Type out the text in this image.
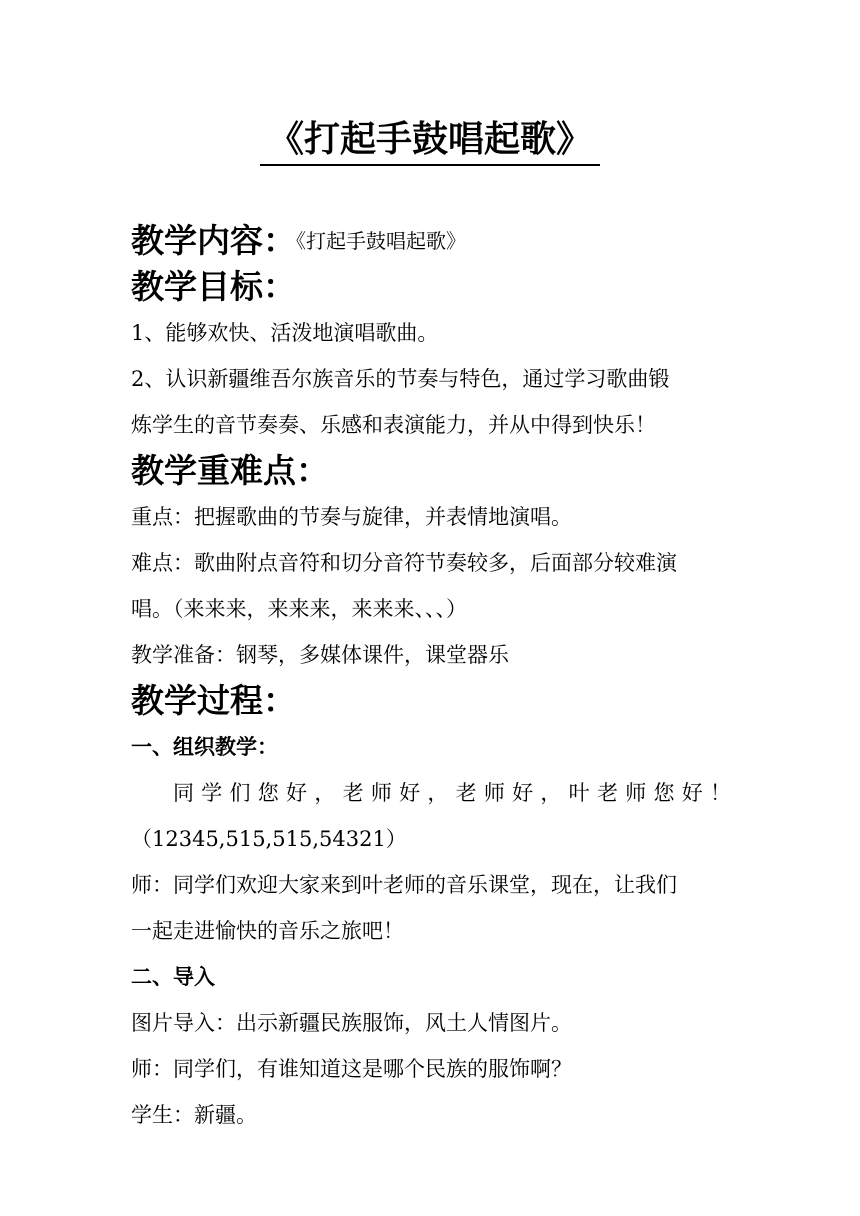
《打起手鼓唱起歌》
教学内容：《打起手鼓唱起歌》
教学目标：
1、能够欢快、活泼地演唱歌曲。
2、认识新疆维吾尔族音乐的节奏与特色，通过学习歌曲锻
炼学生的音节奏奏、乐感和表演能力，并从中得到快乐！
教学重难点：
重点：把握歌曲的节奏与旋律，并表情地演唱。
难点：歌曲附点音符和切分音符节奏较多，后面部分较难演
唱。（来来来，来来来，来来来、、、）
教学准备：钢琴，多媒体课件，课堂器乐
教学过程：
一、组织教学：
同学们您好，老师好，老师好，叶老师您好！
（12345,515,515,54321）
师：同学们欢迎大家来到叶老师的音乐课堂，现在，让我们
一起走进愉快的音乐之旅吧！
二、导入
图片导入：出示新疆民族服饰，风土人情图片。
师：同学们，有谁知道这是哪个民族的服饰啊？
学生：新疆。
